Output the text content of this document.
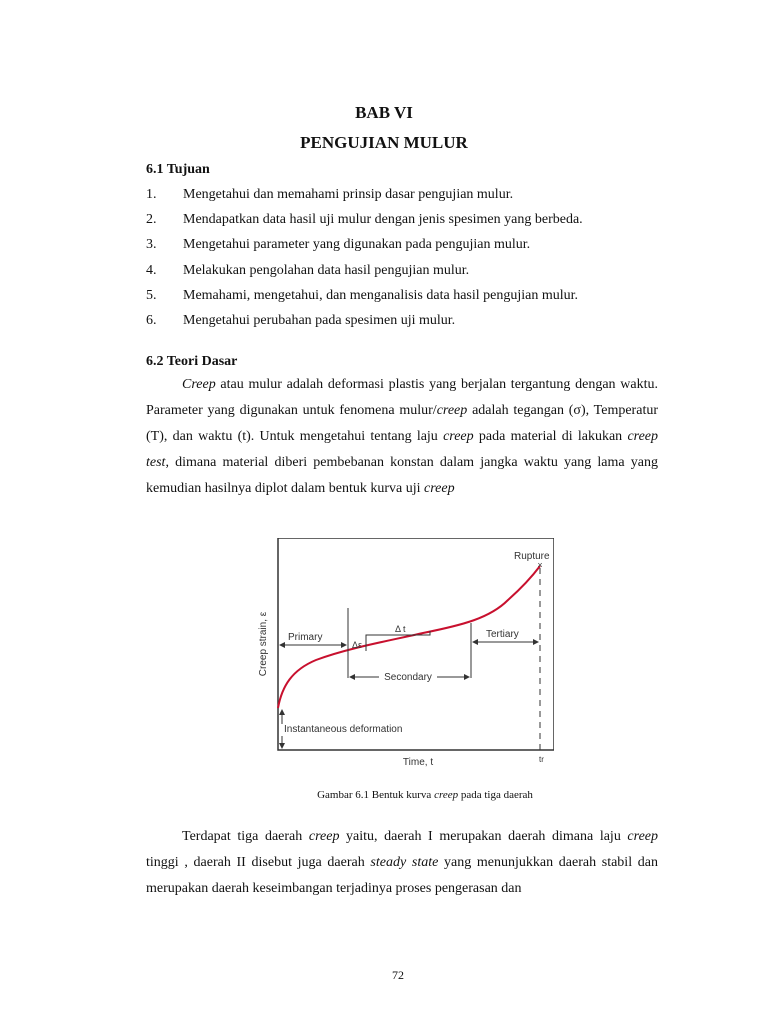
BAB VI

PENGUJIAN MULUR

6.1 Tujuan

1.	Mengetahui dan memahami prinsip dasar pengujian mulur.
2.	Mendapatkan data hasil uji mulur dengan jenis spesimen yang berbeda.
3.	Mengetahui parameter yang digunakan pada pengujian mulur.
4.	Melakukan pengolahan data hasil pengujian mulur.
5.	Memahami, mengetahui, dan menganalisis data hasil pengujian mulur.
6.	Mengetahui perubahan pada spesimen uji mulur.

6.2 Teori Dasar

Creep atau mulur adalah deformasi plastis yang berjalan tergantung dengan waktu. Parameter yang digunakan untuk fenomena mulur/creep adalah tegangan (σ), Temperatur (T), dan waktu (t). Untuk mengetahui tentang laju creep pada material di lakukan creep test, dimana material diberi pembebanan konstan dalam jangka waktu yang lama yang kemudian hasilnya diplot dalam bentuk kurva uji creep

×
Rupture
Primary
Secondary
Tertiary
Δ t
Δε
Instantaneous deformation
Time, t	tr
Creep strain, ε

Gambar 6.1 Bentuk kurva creep pada tiga daerah

Terdapat tiga daerah creep yaitu, daerah I merupakan daerah dimana laju creep tinggi , daerah II disebut juga daerah steady state yang menunjukkan daerah stabil dan merupakan daerah keseimbangan terjadinya proses pengerasan dan

72
